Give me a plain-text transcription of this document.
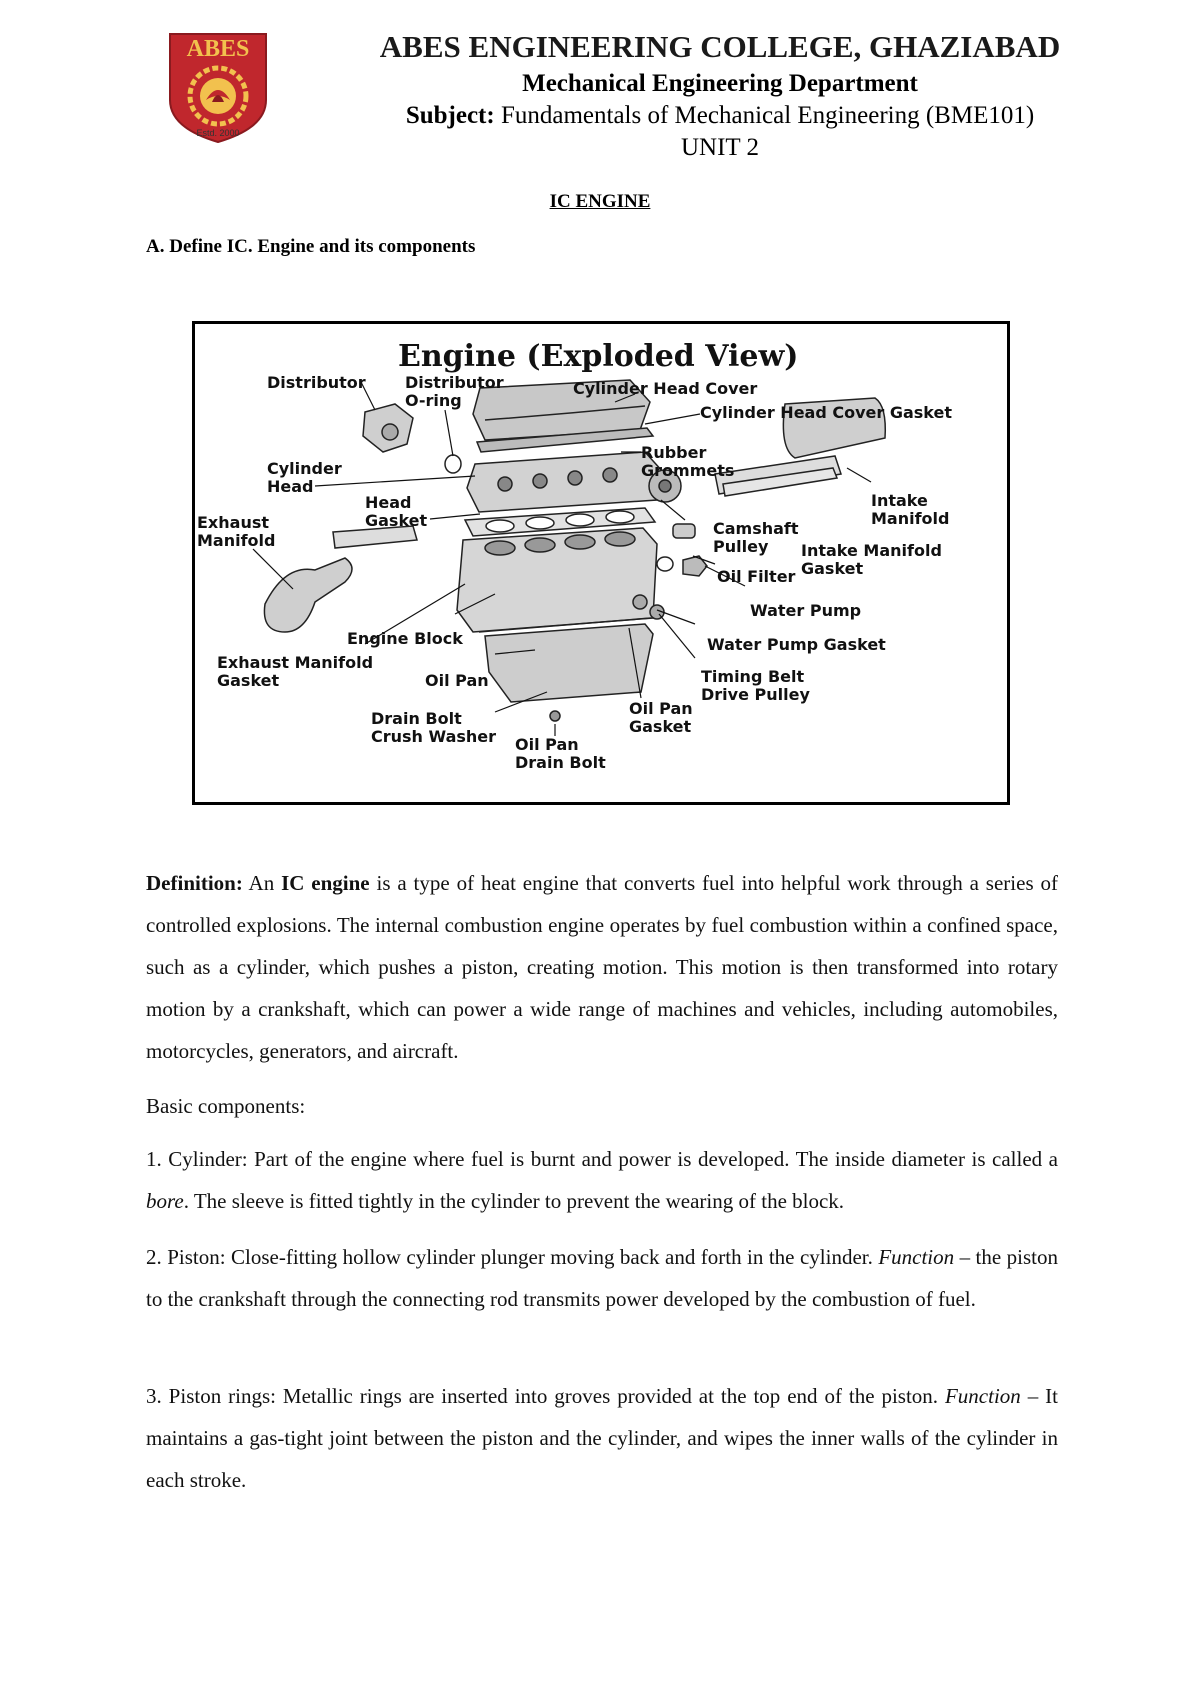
ABES
Estd. 2000
ABES ENGINEERING COLLEGE, GHAZIABAD
Mechanical Engineering Department
Subject: Fundamentals of Mechanical Engineering (BME101)
UNIT 2
IC ENGINE
A. Define IC. Engine and its components
Engine (Exploded View)
Distributor Distributor
O-ring
Cylinder Head Cover
Cylinder Head Cover Gasket
Cylinder
Head
Rubber
Grommets
Head
Gasket
Exhaust
Manifold
Intake
Manifold
Camshaft
Pulley Intake Manifold
Gasket
Oil Filter
Water Pump
Engine Block	Water Pump Gasket
Exhaust Manifold
Gasket	Oil Pan	Timing Belt
Drive Pulley
Oil Pan
Gasket
Drain Bolt
Crush Washer Oil Pan
Drain Bolt

Definition: An IC engine is a type of heat engine that converts fuel into helpful work through a series of controlled explosions. The internal combustion engine operates by fuel combustion within a confined space, such as a cylinder, which pushes a piston, creating motion. This motion is then transformed into rotary motion by a crankshaft, which can power a wide range of machines and vehicles, including automobiles, motorcycles, generators, and aircraft.

Basic components:

1. Cylinder: Part of the engine where fuel is burnt and power is developed. The inside diameter is called a bore. The sleeve is fitted tightly in the cylinder to prevent the wearing of the block.

2. Piston: Close-fitting hollow cylinder plunger moving back and forth in the cylinder. Function – the piston to the crankshaft through the connecting rod transmits power developed by the combustion of fuel.

3. Piston rings: Metallic rings are inserted into groves provided at the top end of the piston. Function – It maintains a gas-tight joint between the piston and the cylinder, and wipes the inner walls of the cylinder in each stroke.
